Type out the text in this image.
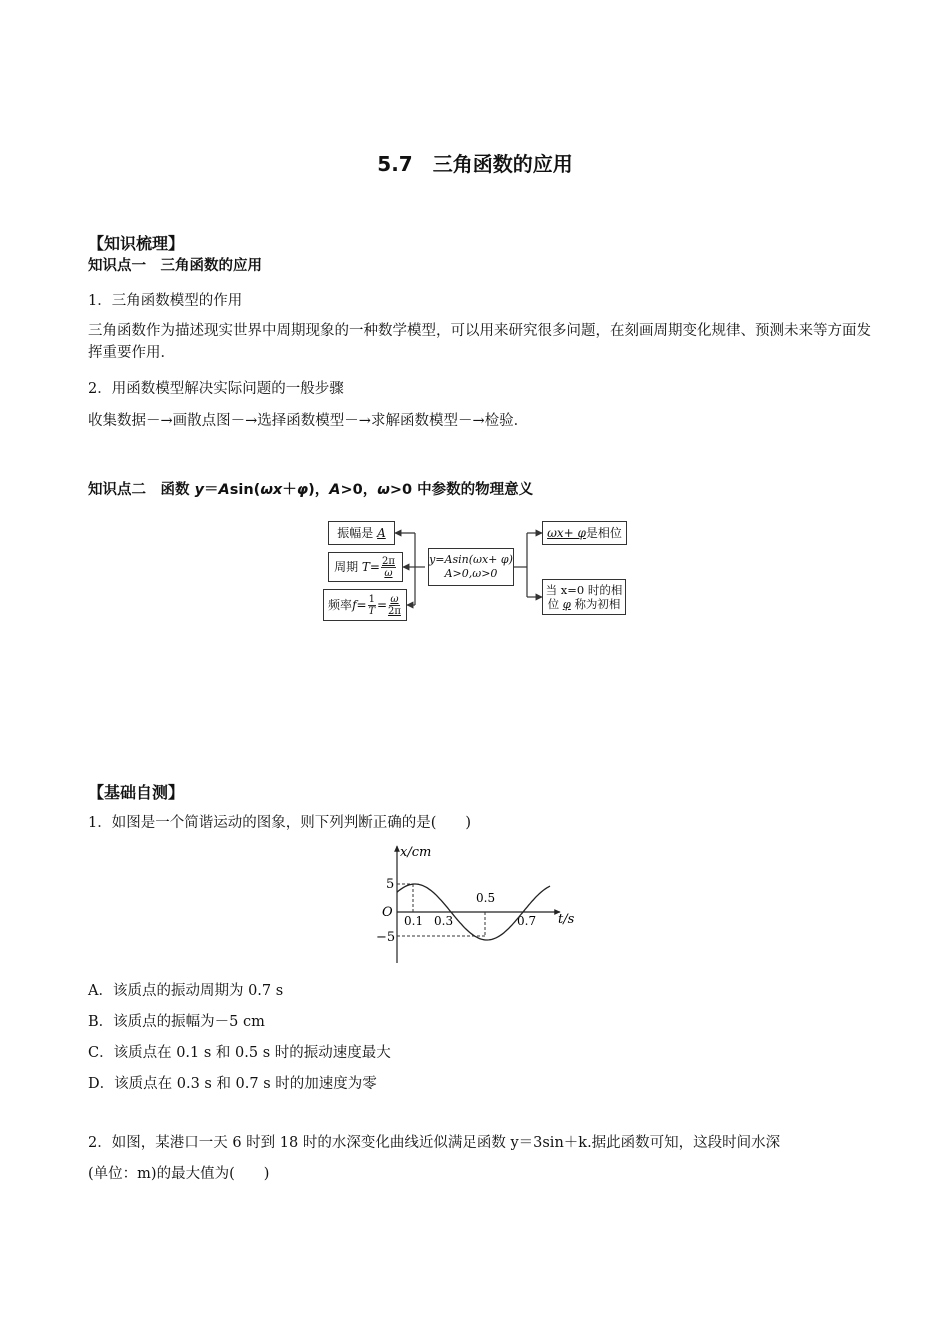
5.7　三角函数的应用
【知识梳理】
知识点一　三角函数的应用
1．三角函数模型的作用
三角函数作为描述现实世界中周期现象的一种数学模型，可以用来研究很多问题，在刻画周期变化规律、预测未来等方面发挥重要作用．
2．用函数模型解决实际问题的一般步骤
收集数据－→画散点图－→选择函数模型－→求解函数模型－→检验．
知识点二　函数 y＝Asin(ωx＋φ)，A>0，ω>0 中参数的物理意义
振幅是
A
周期
$T = \frac{2\pi}{\omega}$
频率 $f = \frac{1}{T} = \frac{\omega}{2\pi}$
y=Asin(ωx+ φ)
A>0,ω>0
ωx+ φ 是相位
当 x=0 时的相
位 φ 称为初相
【基础自测】
1．如图是一个简谐运动的图象，则下列判断正确的是(　　)
x/cm
t/s
O
5
−5
0.1 0.3
0.5
0.7
A．该质点的振动周期为 0.7 s
B．该质点的振幅为－5 cm
C．该质点在 0.1 s 和 0.5 s 时的振动速度最大
D．该质点在 0.3 s 和 0.7 s 时的加速度为零
2．如图，某港口一天 6 时到 18 时的水深变化曲线近似满足函数 y＝3sin＋k.据此函数可知，这段时间水深
(单位：m)的最大值为(　　)
